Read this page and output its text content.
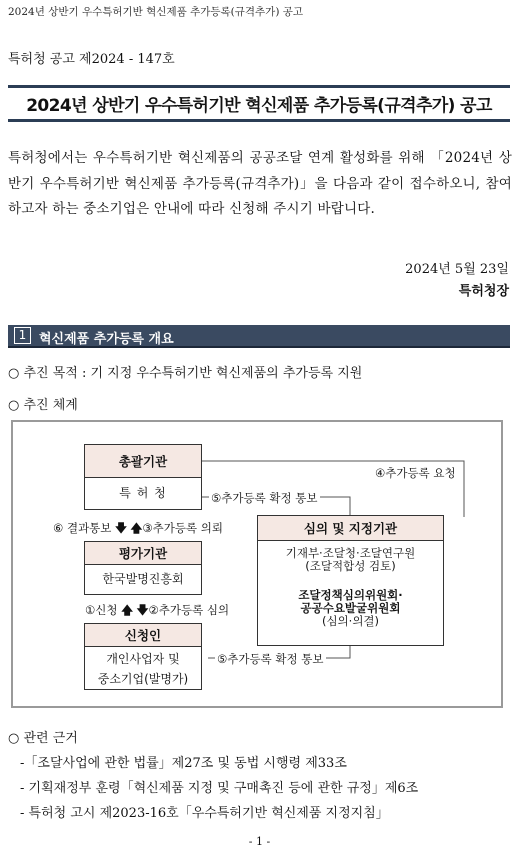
2024년 상반기 우수특허기반 혁신제품 추가등록(규격추가) 공고
특허청 공고 제2024 - 147호
2024년 상반기 우수특허기반 혁신제품 추가등록(규격추가) 공고
특허청에서는 우수특허기반 혁신제품의 공공조달 연계 활성화를 위해 「2024년 상반기 우수특허기반 혁신제품 추가등록(규격추가)」을 다음과 같이 접수하오니, 참여하고자 하는 중소기업은 안내에 따라 신청해 주시기 바랍니다.
2024년 5월 23일
특허청장
1 혁신제품 추가등록 개요
○ 추진 목적 : 기 지정 우수특허기반 혁신제품의 추가등록 지원
○ 추진 체계
총괄기관
특 허 청
평가기관
한국발명진흥회
신청인
개인사업자 및
중소기업(발명가)
심의 및 지정기관
기재부·조달청·조달연구원
(조달적합성 검토)
조달정책심의위원회·
공공수요발굴위원회
(심의·의결)
④추가등록 요청
⑤추가등록 확정 통보
⑥ 결과통보 🡇 🡅③추가등록 의뢰
①신청 🡅 🡇②추가등록 심의
⑤추가등록 확정 통보
○ 관련 근거
-「조달사업에 관한 법률」제27조 및 동법 시행령 제33조
- 기획재정부 훈령「혁신제품 지정 및 구매촉진 등에 관한 규정」제6조
- 특허청 고시 제2023-16호「우수특허기반 혁신제품 지정지침」
- 1 -
